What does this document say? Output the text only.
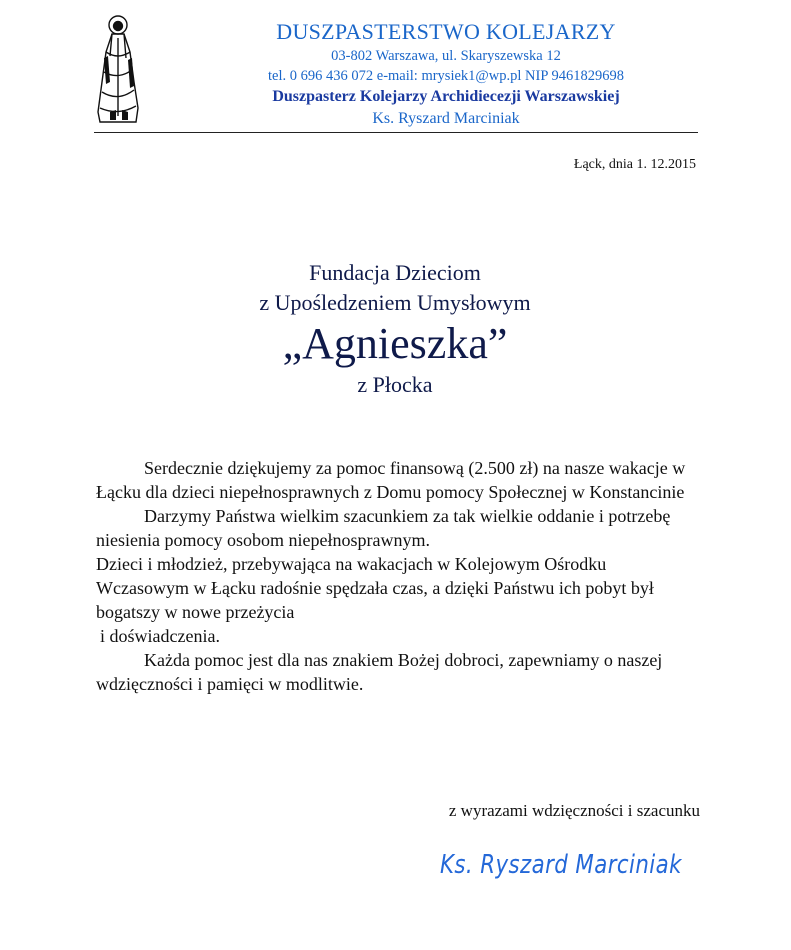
DUSZPASTERSTWO KOLEJARZY
03-802 Warszawa, ul. Skaryszewska 12
tel. 0 696 436 072 e-mail: mrysiek1@wp.pl NIP 9461829698
Duszpasterz Kolejarzy Archidiecezji Warszawskiej
Ks. Ryszard Marciniak
Łąck, dnia 1. 12.2015
Fundacja Dzieciom
z Upośledzeniem Umysłowym
„Agnieszka”
z Płocka

Serdecznie dziękujemy za pomoc finansową (2.500 zł) na nasze wakacje w Łącku dla dzieci niepełnosprawnych z Domu pomocy Społecznej w Konstancinie

Darzymy Państwa wielkim szacunkiem za tak wielkie oddanie i potrzebę niesienia pomocy osobom niepełnosprawnym.

Dzieci i młodzież, przebywająca na wakacjach w Kolejowym Ośrodku Wczasowym w Łącku radośnie spędzała czas, a dzięki Państwu ich pobyt był bogatszy w nowe przeżycia

i doświadczenia.

Każda pomoc jest dla nas znakiem Bożej dobroci, zapewniamy o naszej wdzięczności i pamięci w modlitwie.

z wyrazami wdzięczności i szacunku
Ks. Ryszard Marciniak
